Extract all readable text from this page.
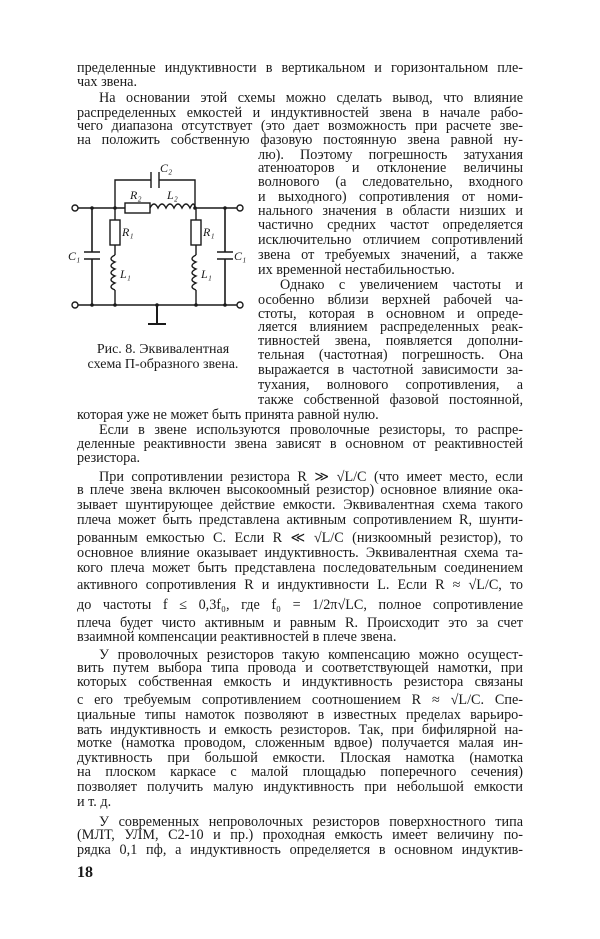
пределенные индуктивности в вертикальном и горизонтальном пле-
чах звена.
На основании этой схемы можно сделать вывод, что влияние
распределенных емкостей и индуктивностей звена в начале рабо-
чего диапазона отсутствует (это дает возможность при расчете зве-
на положить собственную фазовую постоянную звена равной ну-
лю). Поэтому погрешность затухания
атенюаторов и отклонение величины
волнового (а следовательно, входного
и выходного) сопротивления от номи-
нального значения в области низших и
частично средних частот определяется
исключительно отличием сопротивлений
звена от требуемых значений, а также
их временной нестабильностью.
Однако с увеличением частоты и
особенно вблизи верхней рабочей ча-
стоты, которая в основном и опреде-
ляется влиянием распределенных реак-
тивностей звена, появляется дополни-
тельная (частотная) погрешность. Она
выражается в частотной зависимости за-
тухания, волнового сопротивления, а
также собственной фазовой постоянной,
которая уже не может быть принята равной нулю.
Если в звене используются проволочные резисторы, то распре-
деленные реактивности звена зависят в основном от реактивностей
резистора.
При сопротивлении резистора R ≫ √L/C (что имеет место, если
в плече звена включен высокоомный резистор) основное влияние ока-
зывает шунтирующее действие емкости. Эквивалентная схема такого
плеча может быть представлена активным сопротивлением R, шунти-
рованным емкостью C. Если R ≪ √L/C (низкоомный резистор), то
основное влияние оказывает индуктивность. Эквивалентная схема та-
кого плеча может быть представлена последовательным соединением
активного сопротивления R и индуктивности L. Если R ≈ √L/C, то
до частоты f ≤ 0,3f₀, где f₀ = 1/2π√LC, полное сопротивление
плеча будет чисто активным и равным R. Происходит это за счет
взаимной компенсации реактивностей в плече звена.
У проволочных резисторов такую компенсацию можно осущест-
вить путем выбора типа провода и соответствующей намотки, при
которых собственная емкость и индуктивность резистора связаны
с его требуемым сопротивлением соотношением R ≈ √L/C. Спе-
циальные типы намоток позволяют в известных пределах варьиро-
вать индуктивность и емкость резисторов. Так, при бифилярной на-
мотке (намотка проводом, сложенным вдвое) получается малая ин-
дуктивность при большой емкости. Плоская намотка (намотка
на плоском каркасе с малой площадью поперечного сечения)
позволяет получить малую индуктивность при небольшой емкости
и т. д.
У современных непроволочных резисторов поверхностного типа
(МЛТ, УЛМ, С2-10 и пр.) проходная емкость имеет величину по-
рядка 0,1 пф, а индуктивность определяется в основном индуктив-
C₂
R₂ L₂
R₁	R₁
L₁	L₁
C₁	C₁
Рис. 8. Эквивалентная
схема П-образного звена.
18
